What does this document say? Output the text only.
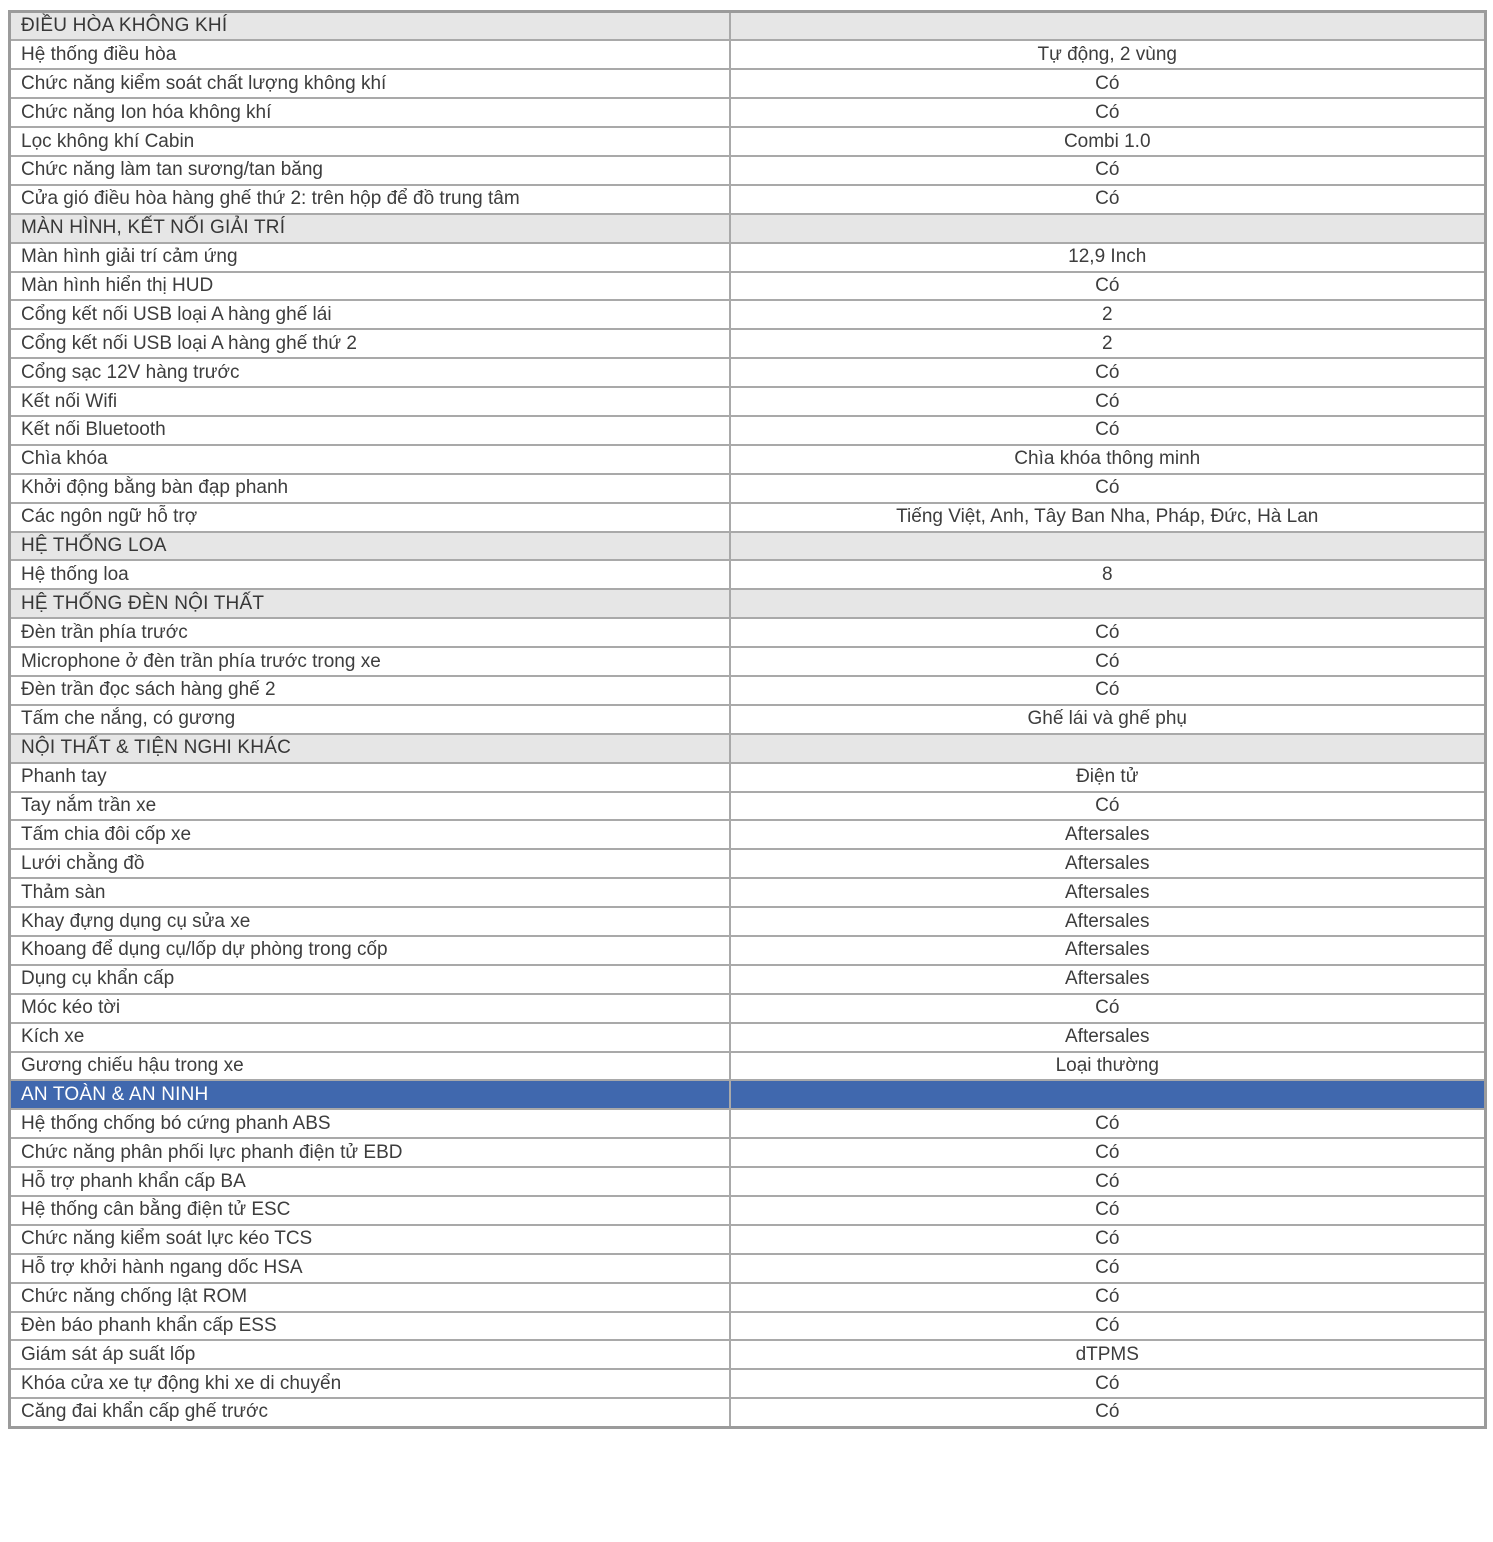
ĐIỀU HÒA KHÔNG KHÍ	
Hệ thống điều hòa	Tự động, 2 vùng
Chức năng kiểm soát chất lượng không khí	Có
Chức năng Ion hóa không khí	Có
Lọc không khí Cabin	Combi 1.0
Chức năng làm tan sương/tan băng	Có
Cửa gió điều hòa hàng ghế thứ 2: trên hộp để đồ trung tâm	Có
MÀN HÌNH, KẾT NỐI GIẢI TRÍ	
Màn hình giải trí cảm ứng	12,9 Inch
Màn hình hiển thị HUD	Có
Cổng kết nối USB loại A hàng ghế lái	2
Cổng kết nối USB loại A hàng ghế thứ 2	2
Cổng sạc 12V hàng trước	Có
Kết nối Wifi	Có
Kết nối Bluetooth	Có
Chìa khóa	Chìa khóa thông minh
Khởi động bằng bàn đạp phanh	Có
Các ngôn ngữ hỗ trợ	Tiếng Việt, Anh, Tây Ban Nha, Pháp, Đức, Hà Lan
HỆ THỐNG LOA	
Hệ thống loa	8
HỆ THỐNG ĐÈN NỘI THẤT	
Đèn trần phía trước	Có
Microphone ở đèn trần phía trước trong xe	Có
Đèn trần đọc sách hàng ghế 2	Có
Tấm che nắng, có gương	Ghế lái và ghế phụ
NỘI THẤT & TIỆN NGHI KHÁC	
Phanh tay	Điện tử
Tay nắm trần xe	Có
Tấm chia đôi cốp xe	Aftersales
Lưới chằng đồ	Aftersales
Thảm sàn	Aftersales
Khay đựng dụng cụ sửa xe	Aftersales
Khoang để dụng cụ/lốp dự phòng trong cốp	Aftersales
Dụng cụ khẩn cấp	Aftersales
Móc kéo tời	Có
Kích xe	Aftersales
Gương chiếu hậu trong xe	Loại thường
AN TOÀN & AN NINH	
Hệ thống chống bó cứng phanh ABS	Có
Chức năng phân phối lực phanh điện tử EBD	Có
Hỗ trợ phanh khẩn cấp BA	Có
Hệ thống cân bằng điện tử ESC	Có
Chức năng kiểm soát lực kéo TCS	Có
Hỗ trợ khởi hành ngang dốc HSA	Có
Chức năng chống lật ROM	Có
Đèn báo phanh khẩn cấp ESS	Có
Giám sát áp suất lốp	dTPMS
Khóa cửa xe tự động khi xe di chuyển	Có
Căng đai khẩn cấp ghế trước	Có
